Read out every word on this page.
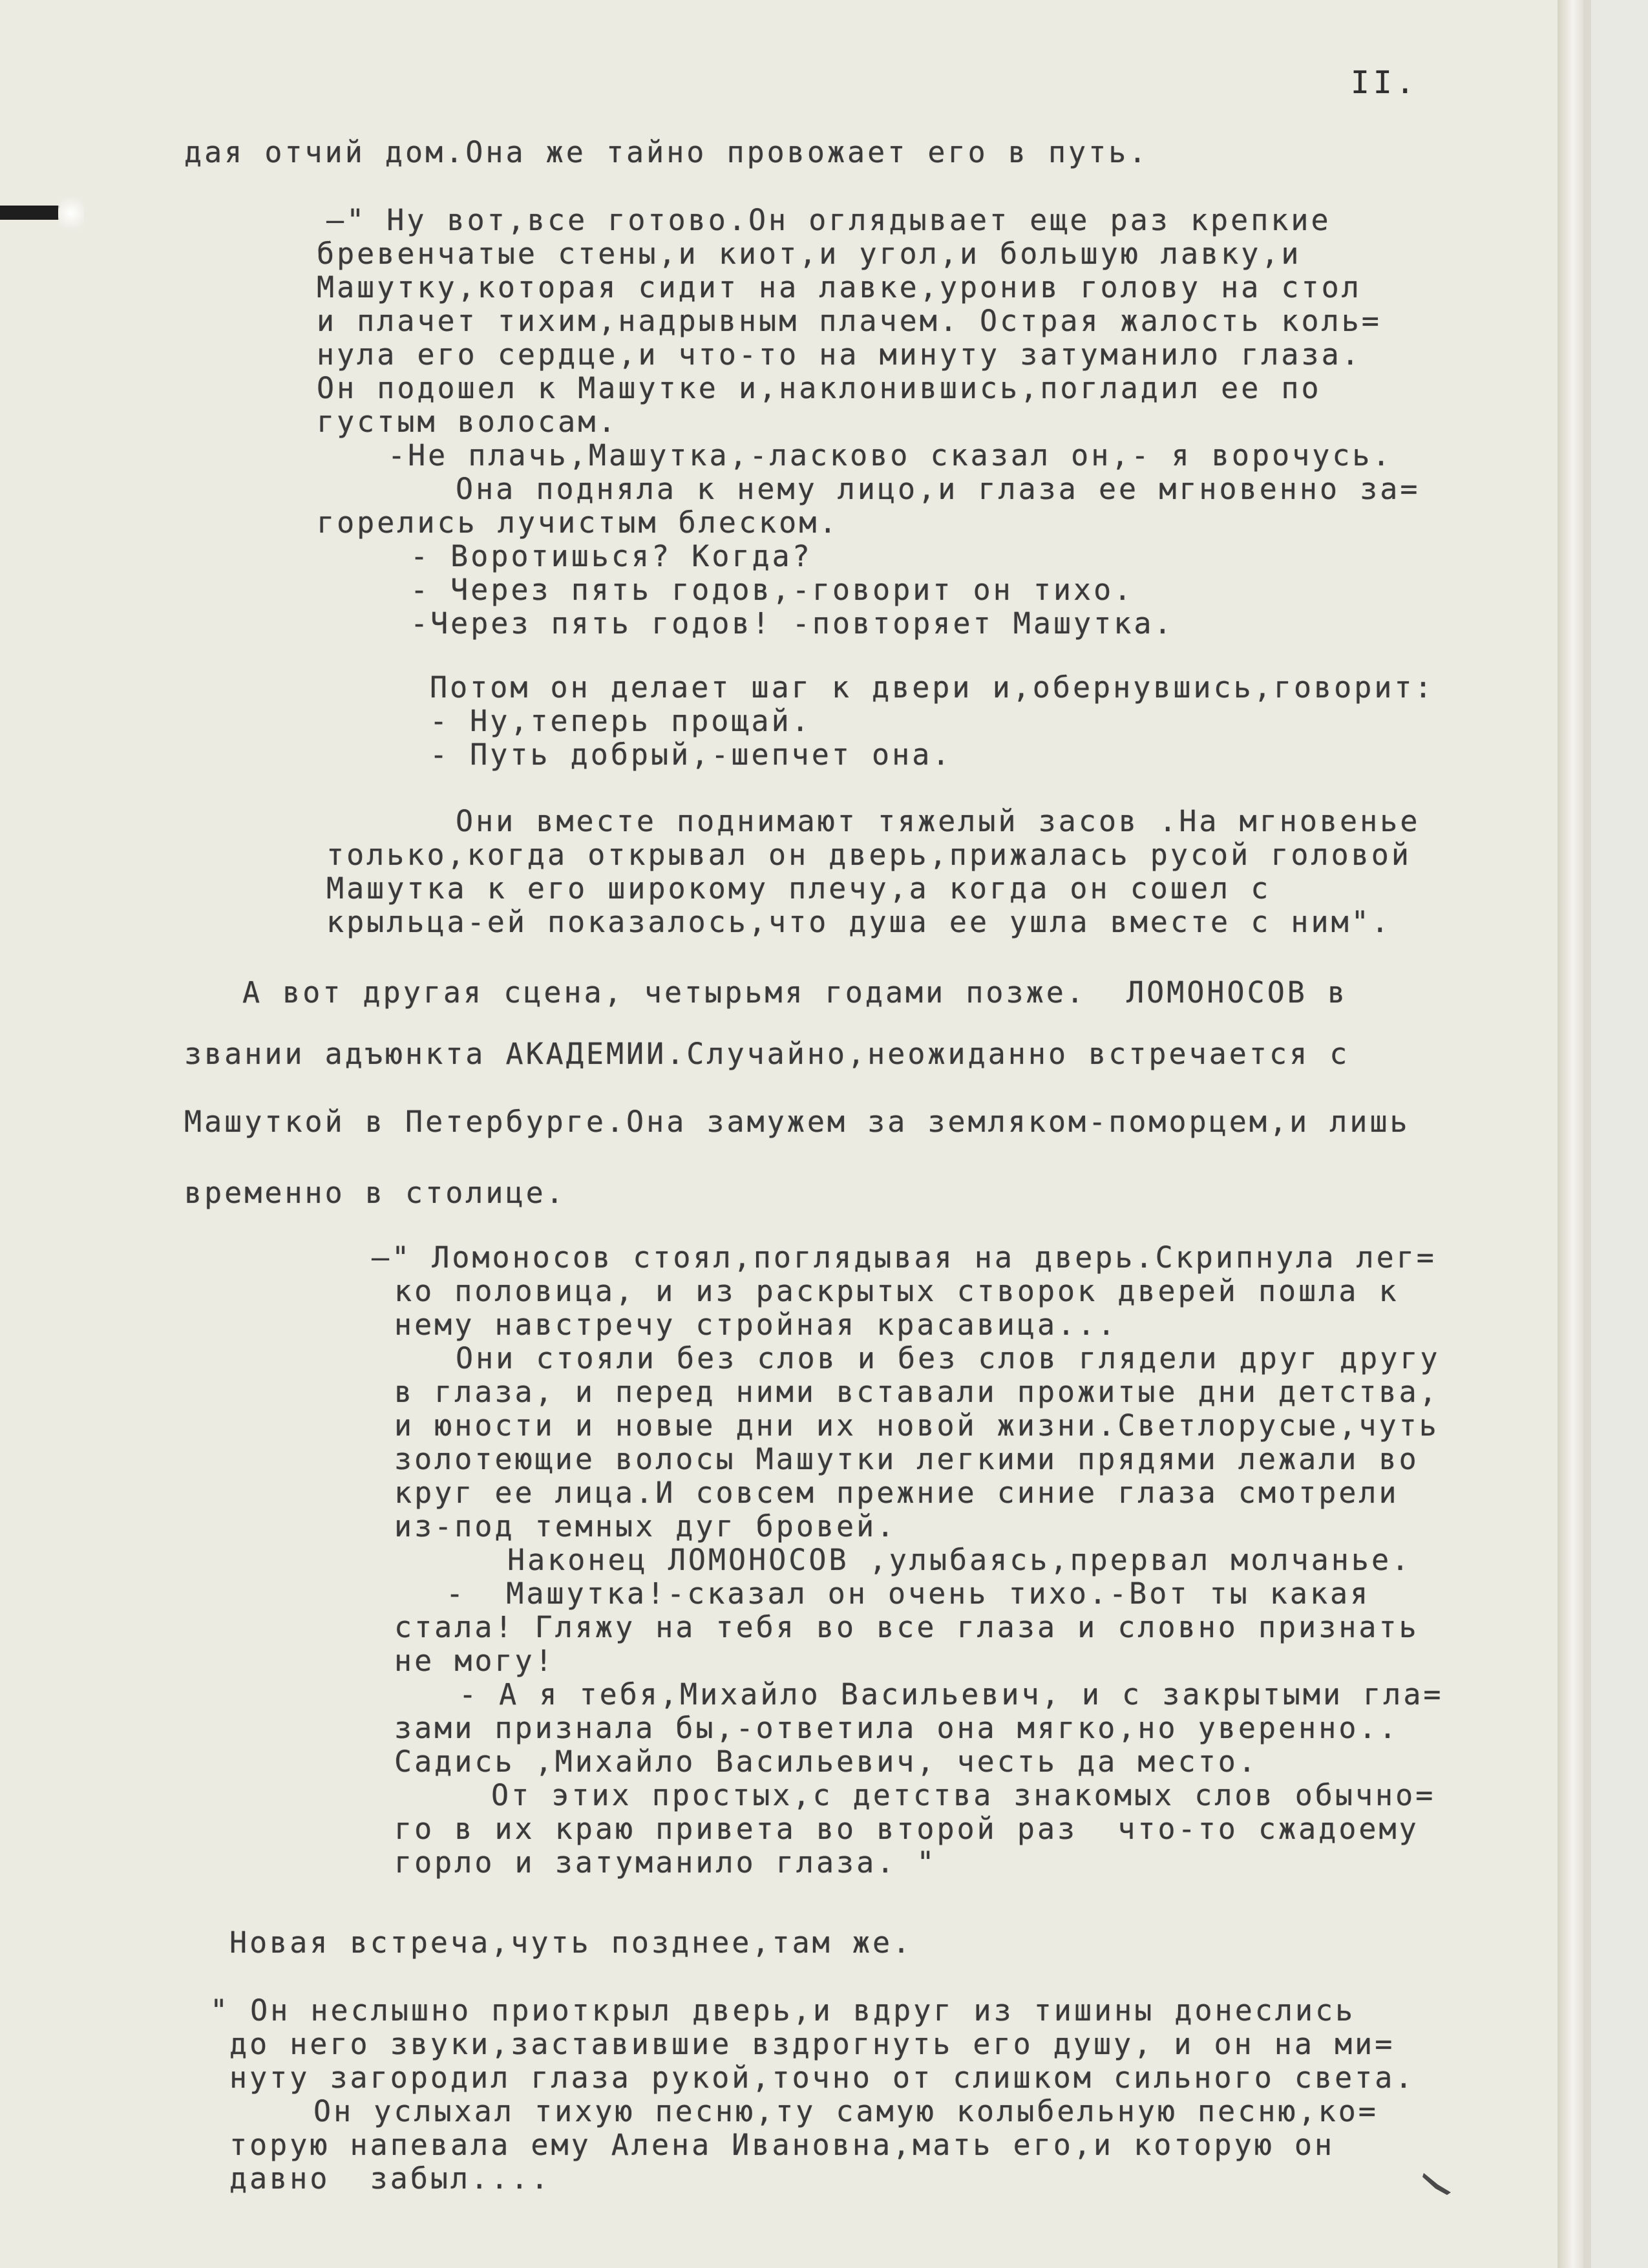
II.

дая отчий дом.Она же тайно провожает его в путь.

–" Ну вот,все готово.Он оглядывает еще раз крепкие

бревенчатые стены,и киот,и угол,и большую лавку,и

Машутку,которая сидит на лавке,уронив голову на стол

и плачет тихим,надрывным плачем. Острая жалость коль=

нула его сердце,и что-то на минуту затуманило глаза.

Он подошел к Машутке и,наклонившись,погладил ее по

густым волосам.

-Не плачь,Машутка,-ласково сказал он,- я ворочусь.

Она подняла к нему лицо,и глаза ее мгновенно за=

горелись лучистым блеском.

- Воротишься? Когда?

- Через пять годов,-говорит он тихо.

-Через пять годов! -повторяет Машутка.

Потом он делает шаг к двери и,обернувшись,говорит:

- Ну,теперь прощай.

- Путь добрый,-шепчет она.

Они вместе поднимают тяжелый засов .На мгновенье

только,когда открывал он дверь,прижалась русой головой

Машутка к его широкому плечу,а когда он сошел с

крыльца-ей показалось,что душа ее ушла вместе с ним".

А вот другая сцена, четырьмя годами позже.  ЛОМОНОСОВ в

звании адъюнкта АКАДЕМИИ.Случайно,неожиданно встречается с

Машуткой в Петербурге.Она замужем за земляком-поморцем,и лишь

временно в столице.

–" Ломоносов стоял,поглядывая на дверь.Скрипнула лег=

ко половица, и из раскрытых створок дверей пошла к

нему навстречу стройная красавица...

Они стояли без слов и без слов глядели друг другу

в глаза, и перед ними вставали прожитые дни детства,

и юности и новые дни их новой жизни.Светлорусые,чуть

золотеющие волосы Машутки легкими прядями лежали во

круг ее лица.И совсем прежние синие глаза смотрели

из-под темных дуг бровей.

Наконец ЛОМОНОСОВ ,улыбаясь,прервал молчанье.

-  Машутка!-сказал он очень тихо.-Вот ты какая

стала! Гляжу на тебя во все глаза и словно признать

не могу!

- А я тебя,Михайло Васильевич, и с закрытыми гла=

зами признала бы,-ответила она мягко,но уверенно..

Садись ,Михайло Васильевич, честь да место.

От этих простых,с детства знакомых слов обычно=

го в их краю привета во второй раз  что-то сжадоему

горло и затуманило глаза. "

Новая встреча,чуть позднее,там же.

" Он неслышно приоткрыл дверь,и вдруг из тишины донеслись

до него звуки,заставившие вздрогнуть его душу, и он на ми=

нуту загородил глаза рукой,точно от слишком сильного света.

Он услыхал тихую песню,ту самую колыбельную песню,ко=

торую напевала ему Алена Ивановна,мать его,и которую он

давно  забыл....
